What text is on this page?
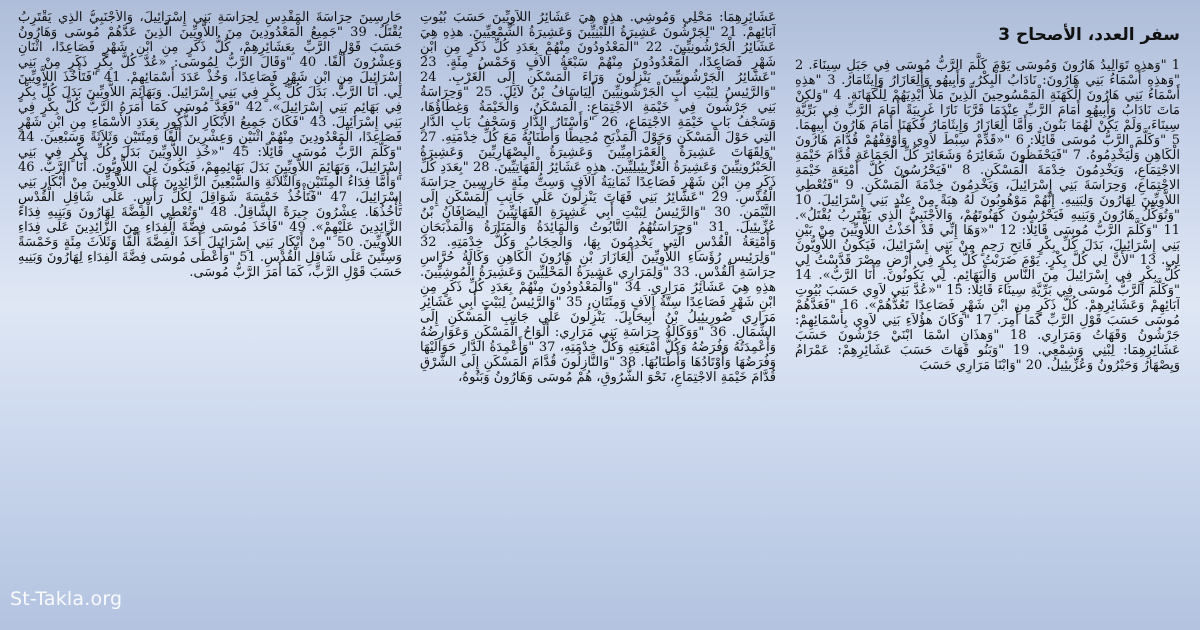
حَارِسِينَ حِرَاسَةَ الْمَقْدِسِ لِحِرَاسَةِ بَنِي إِسْرَائِيلَ، وَالأَجْنَبِيُّ الَّذِي يَقْتَرِبُ يُقْتَلُ. 39 "جَمِيعُ الْمَعْدُودِينَ مِنَ اللاَّوِيِّينَ الَّذِينَ عَدَّهُمْ مُوسَى وَهَارُونُ حَسَبَ قَوْلِ الرَّبِّ بِعَشَائِرِهِمْ، كُلُّ ذَكَرٍ مِنِ ابْنِ شَهْرٍ فَصَاعِدًا، اثْنَانِ وَعِشْرُونَ أَلْفًا. 40 "وَقَالَ الرَّبُّ لِمُوسَى: «عُدَّ كُلَّ بِكْرٍ ذَكَرٍ مِنْ بَنِي إِسْرَائِيلَ مِنِ ابْنِ شَهْرٍ فَصَاعِدًا، وَخُذْ عَدَدَ أَسْمَائِهِمْ. 41 "فَتَأْخُذَ اللاَّوِيِّينَ لِي. أَنَا الرَّبُّ. بَدَلَ كُلِّ بِكْرٍ فِي بَنِي إِسْرَائِيلَ. وَبَهَائِمَ اللاَّوِيِّينَ بَدَلَ كُلِّ بِكْرٍ فِي بَهَائِمِ بَنِي إِسْرَائِيلَ». 42 "فَعَدَّ مُوسَى كَمَا أَمَرَهُ الرَّبُّ كُلَّ بِكْرٍ فِي بَنِي إِسْرَائِيلَ. 43 "فَكَانَ جَمِيعُ الأَبْكَارِ الذُّكُورِ بِعَدَدِ الأَسْمَاءِ مِنِ ابْنِ شَهْرٍ فَصَاعِدًا، الْمَعْدُودِينَ مِنْهُمْ اثْنَيْنِ وَعِشْرِينَ أَلْفًا وَمِئَتَيْنِ وَثَلاَثَةً وَسَبْعِينَ. 44 "وَكَلَّمَ الرَّبُّ مُوسَى قَائِلًا: 45 "«خُذِ اللاَّوِيِّينَ بَدَلَ كُلِّ بِكْرٍ فِي بَنِي إِسْرَائِيلَ، وَبَهَائِمَ اللاَّوِيِّينَ بَدَلَ بَهَائِمِهِمْ، فَيَكُونَ لِيَ اللاَّوِيُّونَ. أَنَا الرَّبُّ. 46 "وَأَمَّا فِدَاءُ الْمِئَتَيْنِ وَالثَّلاَثَةِ وَالسَّبْعِينَ الزَّائِدِينَ عَلَى اللاَّوِيِّينَ مِنْ أَبْكَارِ بَنِي إِسْرَائِيلَ، 47 "فَتَأْخُذُ خَمْسَةَ شَوَاقِلَ لِكُلِّ رَأْسٍ. عَلَى شَاقِلِ الْقُدْسِ تَأْخُذُهَا. عِشْرُونَ جِيرَةً الشَّاقِلُ. 48 "وَتُعْطِي الْفِضَّةَ لِهَارُونَ وَبَنِيهِ فِدَاءَ الزَّائِدِينَ عَلَيْهِمْ». 49 "فَأَخَذَ مُوسَى فِضَّةَ الْفِدَاءِ مِنَ الزَّائِدِينَ عَلَى فِدَاءِ اللاَّوِيِّينَ. 50 "مِنْ أَبْكَارِ بَنِي إِسْرَائِيلَ أَخَذَ الْفِضَّةَ أَلْفًا وَثَلاَثَ مِئَةٍ وَخَمْسَةً وَسِتِّينَ عَلَى شَاقِلِ الْقُدْسِ. 51 "وَأَعْطَى مُوسَى فِضَّةَ الْفِدَاءِ لِهَارُونَ وَبَنِيهِ حَسَبَ قَوْلِ الرَّبِّ، كَمَا أَمَرَ الرَّبُّ مُوسَى.
عَشَائِرِهِمَا: مَحْلِي وَمُوشِي. هذِهِ هِيَ عَشَائِرُ اللاَّوِيِّينَ حَسَبَ بُيُوتِ آبَائِهِمْ. 21 "لِجَرْشُونَ عَشِيرَةُ اللِّبْنِيِّينَ وَعَشِيرَةُ الشِّمْعِيِّينَ. هذِهِ هِيَ عَشَائِرُ الْجَرْشُونِيِّينَ. 22 "الْمَعْدُودُونَ مِنْهُمْ بِعَدَدِ كُلِّ ذَكَرٍ مِنِ ابْنِ شَهْرٍ فَصَاعِدًا، الْمَعْدُودُونَ مِنْهُمْ سَبْعَةُ آلاَفٍ وَخَمْسُ مِئَةٍ. 23 "عَشَائِرُ الْجَرْشُونِيِّينَ يَنْزِلُونَ وَرَاءَ الْمَسْكَنِ إِلَى الْغَرْبِ. 24 "وَالرَّئِيسُ لِبَيْتِ أَبٍ الْجَرْشُونِيِّينَ أَلِيَاسَافُ بْنُ لاَئِلَ. 25 "وَحِرَاسَةُ بَنِي جَرْشُونَ فِي خَيْمَةِ الاجْتِمَاعِ: الْمَسْكَنُ، وَالْخَيْمَةُ وَغِطَاؤُهَا، وَسَجْفُ بَابِ خَيْمَةِ الاجْتِمَاعِ، 26 "وَأَسْتَارُ الدَّارِ وَسَجْفُ بَابِ الدَّارِ الَّتِي حَوْلَ الْمَسْكَنِ وَحَوْلَ الْمَذْبَحِ مُحِيطًا وَأَطْنَابُهُ مَعَ كُلِّ خِدْمَتِهِ. 27 "وَلِقَهَاتَ عَشِيرَةُ الْعَمْرَامِيِّينَ وَعَشِيرَةُ الْيِصْهَارِيِّينَ وَعَشِيرَةُ الْحَبْرُونِيِّينَ وَعَشِيرَةُ الْعُزِّيئِيلِيِّينَ. هذِهِ عَشَائِرُ الْقَهَاتِيِّينَ. 28 "بِعَدَدِ كُلِّ ذَكَرٍ مِنِ ابْنِ شَهْرٍ فَصَاعِدًا ثَمَانِيَةُ آلاَفٍ وَسِتُّ مِئَةٍ حَارِسِينَ حِرَاسَةَ الْقُدْسِ. 29 "عَشَائِرُ بَنِي قَهَاتَ يَنْزِلُونَ عَلَى جَانِبِ الْمَسْكَنِ إِلَى التَّيْمَنِ. 30 "وَالرَّئِيسُ لِبَيْتِ أَبِي عَشِيرَةِ الْقَهَاتِيِّينَ أَلِيصَافَانُ بْنُ عُزِّيئِيلَ. 31 "وَحِرَاسَتُهُمُ التَّابُوتُ وَالْمَائِدَةُ وَالْمَنَارَةُ وَالْمَذْبَحَانِ وَأَمْتِعَةُ الْقُدْسِ الَّتِي يَخْدِمُونَ بِهَا، وَالْحِجَابُ وَكُلُّ خِدْمَتِهِ. 32 "وَلِرَئِيسِ رُؤَسَاءِ اللاَّوِيِّينَ أَلِعَازَارَ بْنِ هَارُونَ الْكَاهِنِ وَكَالَةُ حُرَّاسِ حِرَاسَةِ الْقُدْسِ. 33 "وَلِمَرَارِي عَشِيرَةُ الْمَحْلِيِّينَ وَعَشِيرَةُ الْمُوشِيِّينَ. هذِهِ هِيَ عَشَائِرُ مَرَارِي. 34 "وَالْمَعْدُودُونَ مِنْهُمْ بِعَدَدِ كُلِّ ذَكَرٍ مِنِ ابْنِ شَهْرٍ فَصَاعِدًا سِتَّةُ آلاَفٍ وَمِئَتَانِ، 35 "وَالرَّئِيسُ لِبَيْتِ أَبِي عَشَائِرِ مَرَارِي صُورِيئِيلُ بْنُ أَبِيحَايِلَ. يَنْزِلُونَ عَلَى جَانِبِ الْمَسْكَنِ إِلَى الشِّمَالِ. 36 "وَوَكَالَةُ حِرَاسَةِ بَنِي مَرَارِي: أَلْوَاحُ الْمَسْكَنِ وَعَوَارِضُهُ وَأَعْمِدَتُهُ وَفُرَضُهُ وَكُلُّ أَمْتِعَتِهِ وَكُلُّ خِدْمَتِهِ، 37 "وَأَعْمِدَةُ الدَّارِ حَوَالَيْهَا وَفُرَضُهَا وَأَوْتَادُهَا وَأَطْنَابُهَا. 38 "وَالنَّازِلُونَ قُدَّامَ الْمَسْكَنِ إِلَى الشَّرْقِ قُدَّامَ خَيْمَةِ الاجْتِمَاعِ، نَحْوَ الشُّرُوقِ، هُمْ مُوسَى وَهَارُونُ وَبَنُوهُ،
سفر العدد، الأصحاح 3
1 "وَهذِهِ تَوَالِيدُ هَارُونَ وَمُوسَى يَوْمَ كَلَّمَ الرَّبُّ مُوسَى فِي جَبَلِ سِينَاءَ. 2 "وَهذِهِ أَسْمَاءُ بَنِي هَارُونَ: نَادَابُ الْبِكْرُ، وَأَبِيهُو وَأَلِعَازَارُ وَإِيثَامَارُ. 3 "هذِهِ أَسْمَاءُ بَنِي هَارُونَ الْكَهَنَةِ الْمَمْسُوحِينَ الَّذِينَ مَلأَ أَيْدِيَهُمْ لِلْكَهَانَةِ. 4 "وَلكِنْ مَاتَ نَادَابُ وَأَبِيهُو أَمَامَ الرَّبِّ عِنْدَمَا قَرَّبَا نَارًا غَرِيبَةً أَمَامَ الرَّبِّ فِي بَرِّيَّةِ سِينَاءَ، وَلَمْ يَكُنْ لَهُمَا بَنُونَ. وَأَمَّا أَلِعَازَارُ وَإِيثَامَارُ فَكَهَنَا أَمَامَ هَارُونَ أَبِيهِمَا. 5 "وَكَلَّمَ الرَّبُّ مُوسَى قَائِلًا: 6 "«قَدِّمْ سِبْطَ لاَوِي وَأَوْقِفْهُمْ قُدَّامَ هَارُونَ الْكَاهِنِ وَلْيَخْدِمُوهُ. 7 "فَيَحْفَظُونَ شَعَائِرَهُ وَشَعَائِرَ كُلِّ الْجَمَاعَةِ قُدَّامَ خَيْمَةِ الاجْتِمَاعِ، وَيَخْدِمُونَ خِدْمَةَ الْمَسْكَنِ. 8 "فَيَحْرُسُونَ كُلَّ أَمْتِعَةِ خَيْمَةِ الاجْتِمَاعِ، وَحِرَاسَةَ بَنِي إِسْرَائِيلَ، وَيَخْدِمُونَ خِدْمَةَ الْمَسْكَنِ. 9 "فَتُعْطِي اللاَّوِيِّينَ لِهَارُونَ وَلِبَنِيهِ. إِنَّهُمْ مَوْهُوبُونَ لَهُ هِبَةً مِنْ عِنْدِ بَنِي إِسْرَائِيلَ. 10 "وَتُوَكِّلُ هَارُونَ وَبَنِيهِ فَيَحْرُسُونَ كَهَنُوتَهُمْ، وَالأَجْنَبِيُّ الَّذِي يَقْتَرِبُ يُقْتَلُ». 11 "وَكَلَّمَ الرَّبُّ مُوسَى قَائِلًا: 12 "«وَهَا إِنِّي قَدْ أَخَذْتُ اللاَّوِيِّينَ مِنْ بَيْنِ بَنِي إِسْرَائِيلَ، بَدَلَ كُلِّ بِكْرٍ فَاتِحِ رَحِمٍ مِنْ بَنِي إِسْرَائِيلَ، فَيَكُونُ اللاَّوِيُّونَ لِي. 13 "لأَنَّ لِي كُلَّ بِكْرٍ. يَوْمَ ضَرَبْتُ كُلَّ بِكْرٍ فِي أَرْضِ مِصْرَ قَدَّسْتُ لِي كُلَّ بِكْرٍ فِي إِسْرَائِيلَ مِنَ النَّاسِ وَالْبَهَائِمِ. لِي يَكُونُونَ. أَنَا الرَّبُّ». 14 "وَكَلَّمَ الرَّبُّ مُوسَى فِي بَرِّيَّةِ سِينَاءَ قَائِلًا: 15 "«عُدَّ بَنِي لاَوِي حَسَبَ بُيُوتِ آبَائِهِمْ وَعَشَائِرِهِمْ. كُلَّ ذَكَرٍ مِنِ ابْنِ شَهْرٍ فَصَاعِدًا تَعُدُّهُمْ». 16 "فَعَدَّهُمْ مُوسَى حَسَبَ قَوْلِ الرَّبِّ كَمَا أُمِرَ. 17 "وَكَانَ هؤُلاَءِ بَنِي لاَوِي بِأَسْمَائِهِمْ: جَرْشُونُ وَقَهَاتُ وَمَرَارِي. 18 "وَهذَانِ اسْمَا ابْنَيْ جَرْشُونَ حَسَبَ عَشَائِرِهِمَا: لِبْنِي وَشِمْعِي. 19 "وَبَنُو قَهَاتَ حَسَبَ عَشَائِرِهِمْ: عَمْرَامُ وَيِصْهَارُ وَحَبْرُونُ وَعُزِّيئِيلُ. 20 "وَابْنَا مَرَارِي حَسَبَ
St-Takla.org
